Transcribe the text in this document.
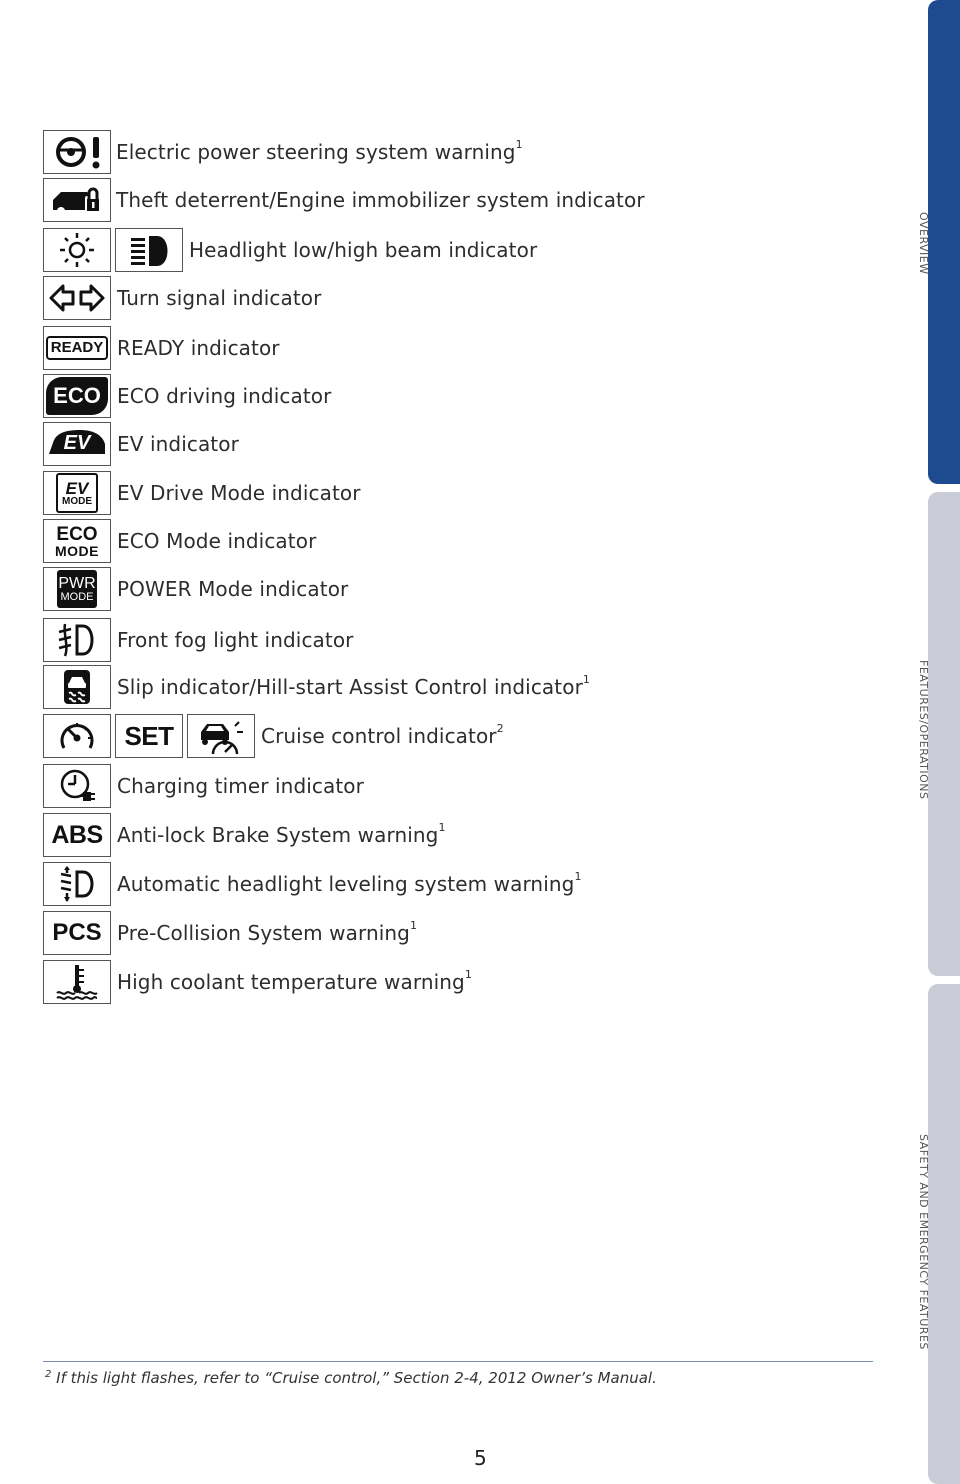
OVERVIEW
FEATURES/OPERATIONS
SAFETY AND EMERGENCY FEATURES
Electric power steering system warning$^1$
Theft deterrent/Engine immobilizer system indicator
Headlight low/high beam indicator
Turn signal indicator
READY READY indicator
ECO ECO driving indicator
EV	EV indicator
EV
MODE EV Drive Mode indicator
ECO
MODE ECO Mode indicator
PWR
MODE POWER Mode indicator
Front fog light indicator
Slip indicator/Hill-start Assist Control indicator$^1$
SET	Cruise control indicator$^2$
Charging timer indicator
ABS Anti-lock Brake System warning$^1$
Automatic headlight leveling system warning$^1$
PCS Pre-Collision System warning$^1$
High coolant temperature warning$^1$
$^2$ If this light flashes, refer to “Cruise control,” Section 2-4, 2012 Owner’s Manual.
5
